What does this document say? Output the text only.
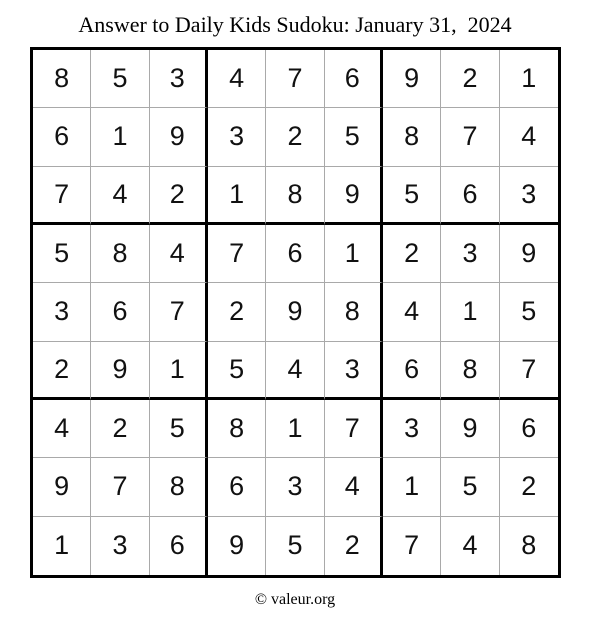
Answer to Daily Kids Sudoku: January 31,  2024
8	5	3	4	7	6	9	2	1
6	1	9	3	2	5	8	7	4
7	4	2	1	8	9	5	6	3
5	8	4	7	6	1	2	3	9
3	6	7	2	9	8	4	1	5
2	9	1	5	4	3	6	8	7
4	2	5	8	1	7	3	9	6
9	7	8	6	3	4	1	5	2
1	3	6	9	5	2	7	4	8
© valeur.org
